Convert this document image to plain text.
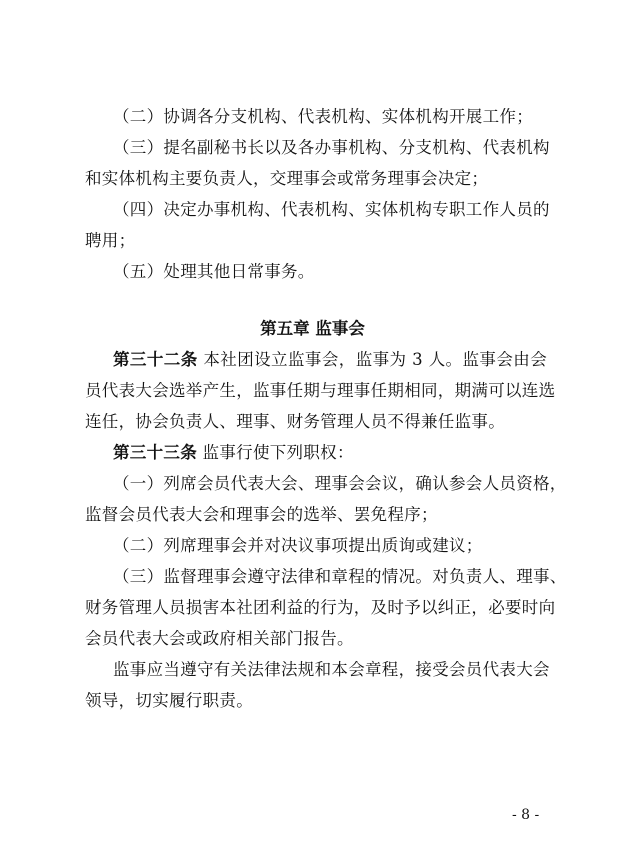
（二）协调各分支机构、代表机构、实体机构开展工作；
（三）提名副秘书长以及各办事机构、分支机构、代表机构
和实体机构主要负责人，交理事会或常务理事会决定；
（四）决定办事机构、代表机构、实体机构专职工作人员的
聘用；
（五）处理其他日常事务。
第五章 监事会
第三十二条 本社团设立监事会，监事为 3 人。监事会由会
员代表大会选举产生，监事任期与理事任期相同，期满可以连选
连任，协会负责人、理事、财务管理人员不得兼任监事。
第三十三条 监事行使下列职权：
（一）列席会员代表大会、理事会会议，确认参会人员资格，
监督会员代表大会和理事会的选举、罢免程序；
（二）列席理事会并对决议事项提出质询或建议；
（三）监督理事会遵守法律和章程的情况。对负责人、理事、
财务管理人员损害本社团利益的行为，及时予以纠正，必要时向
会员代表大会或政府相关部门报告。
监事应当遵守有关法律法规和本会章程，接受会员代表大会
领导，切实履行职责。
- 8 -
